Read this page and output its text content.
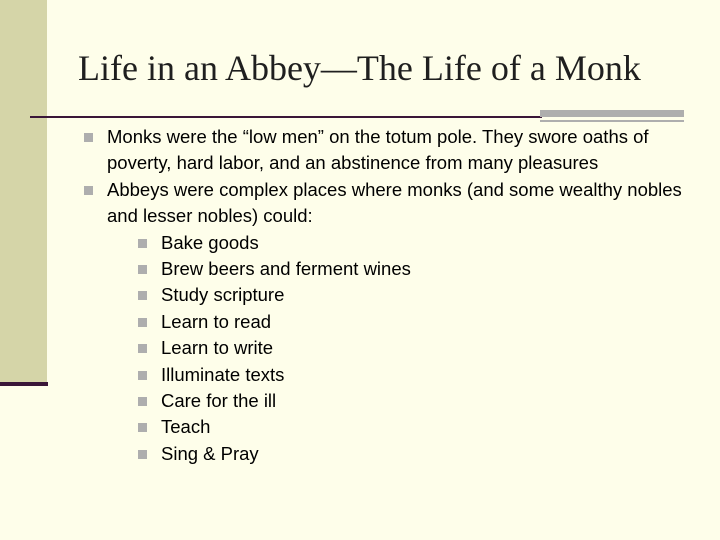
Life in an Abbey—The Life of a Monk
Monks were the “low men” on the totum pole. They swore oaths of poverty, hard labor, and an abstinence from many pleasures
Abbeys were complex places where monks (and some wealthy nobles and lesser nobles) could:
Bake goods
Brew beers and ferment wines
Study scripture
Learn to read
Learn to write
Illuminate texts
Care for the ill
Teach
Sing & Pray
